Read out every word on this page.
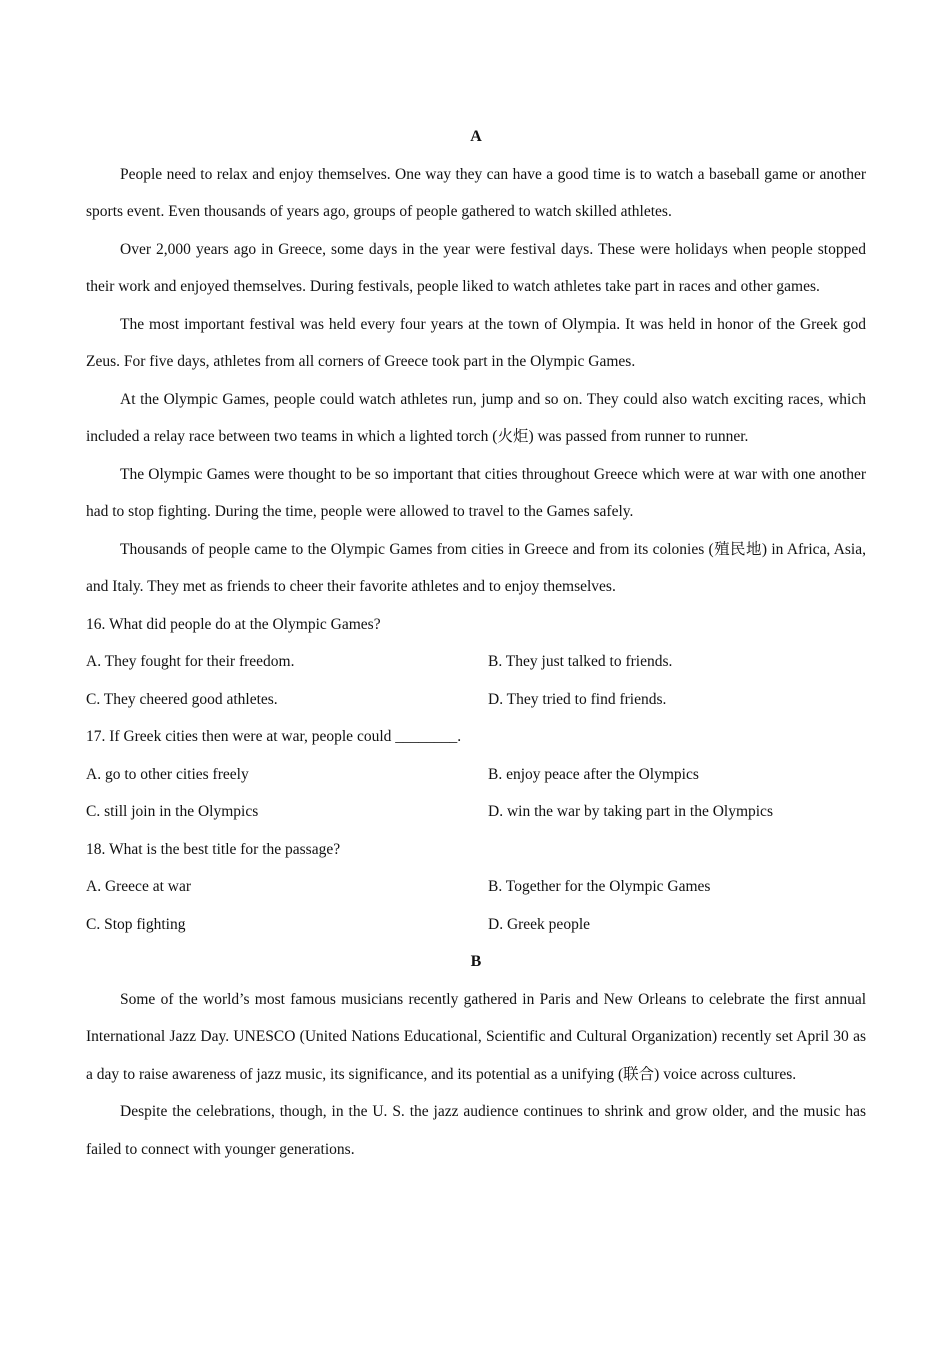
A

People need to relax and enjoy themselves. One way they can have a good time is to watch a baseball game or another sports event. Even thousands of years ago, groups of people gathered to watch skilled athletes.

Over 2,000 years ago in Greece, some days in the year were festival days. These were holidays when people stopped their work and enjoyed themselves. During festivals, people liked to watch athletes take part in races and other games.

The most important festival was held every four years at the town of Olympia. It was held in honor of the Greek god Zeus. For five days, athletes from all corners of Greece took part in the Olympic Games.

At the Olympic Games, people could watch athletes run, jump and so on. They could also watch exciting races, which included a relay race between two teams in which a lighted torch (火炬) was passed from runner to runner.

The Olympic Games were thought to be so important that cities throughout Greece which were at war with one another had to stop fighting. During the time, people were allowed to travel to the Games safely.

Thousands of people came to the Olympic Games from cities in Greece and from its colonies (殖民地) in Africa, Asia, and Italy. They met as friends to cheer their favorite athletes and to enjoy themselves.

16. What did people do at the Olympic Games?

A. They fought for their freedom.	B. They just talked to friends.

C. They cheered good athletes.	D. They tried to find friends.

17. If Greek cities then were at war, people could ________.

A. go to other cities freely	B. enjoy peace after the Olympics

C. still join in the Olympics	D. win the war by taking part in the Olympics

18. What is the best title for the passage?

A. Greece at war	B. Together for the Olympic Games

C. Stop fighting	D. Greek people

B

Some of the world’s most famous musicians recently gathered in Paris and New Orleans to celebrate the first annual International Jazz Day. UNESCO (United Nations Educational, Scientific and Cultural Organization) recently set April 30 as a day to raise awareness of jazz music, its significance, and its potential as a unifying (联合) voice across cultures.

Despite the celebrations, though, in the U. S. the jazz audience continues to shrink and grow older, and the music has failed to connect with younger generations.
